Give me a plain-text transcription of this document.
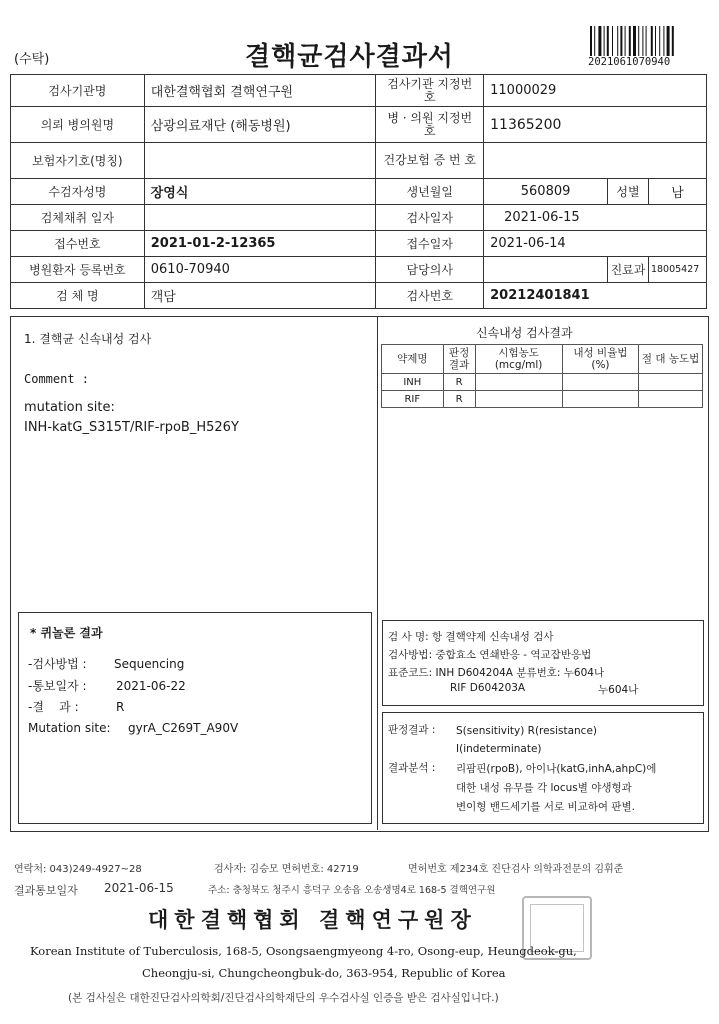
(수탁)	결핵균검사결과서	2021061070940
검사기관명	대한결핵협회 결핵연구원	검사기관 지정번호	11000029		
의뢰 병의원명	삼광의료재단 (해동병원)	병 · 의원 지정번호	11365200		
보험자기호(명칭)		건강보험 증 번 호			
수검자성명	장영식	생년월일	560809	성별	남
검체채취 일자		검사일자	2021-06-15		
접수번호	2021-01-2-12365	접수일자	2021-06-14		
병원환자 등록번호	0610-70940	담당의사		진료과	18005427
검 체 명	객담	검사번호	20212401841		
1. 결핵균 신속내성 검사
Comment :
mutation site:
INH-katG_S315T/RIF-rpoB_H526Y
신속내성 검사결과
약제명	판정 결과	시험농도 (mcg/ml)	내성 비율법(%)	절 대 농도법
INH	R			
RIF	R			
* 퀴놀론 결과
-검사방법 : Sequencing
-통보일자 : 2021-06-22
-결    과 :	R
Mutation site: gyrA_C269T_A90V
검 사 명: 항 결핵약제 신속내성 검사
검사방법: 중합효소 연쇄반응 - 역교잡반응법
표준코드: INH D604204A 분류번호: 누604나
RIF D604203A	누604나
판정결과 : S(sensitivity) R(resistance)
I(indeterminate)
결과분석 : 리팜핀(rpoB), 아이나(katG,inhA,ahpC)에
대한 내성 유무를 각 locus별 야생형과
변이형 밴드세기를 서로 비교하여 판별.
연락처: 043)249-4927~28	검사자: 김승모 면허번호: 42719	면허번호 제234호 진단검사 의학과전문의 김휘준
결과통보일자 2021-06-15	주소: 충청북도 청주시 흥덕구 오송읍 오송생명4로 168-5 결핵연구원
대한결핵협회 결핵연구원장
Korean Institute of Tuberculosis, 168-5, Osongsaengmyeong 4-ro, Osong-eup, Heungdeok-gu,
Cheongju-si, Chungcheongbuk-do, 363-954, Republic of Korea
(본 검사실은 대한진단검사의학회/진단검사의학재단의 우수검사실 인증을 받은 검사실입니다.)
